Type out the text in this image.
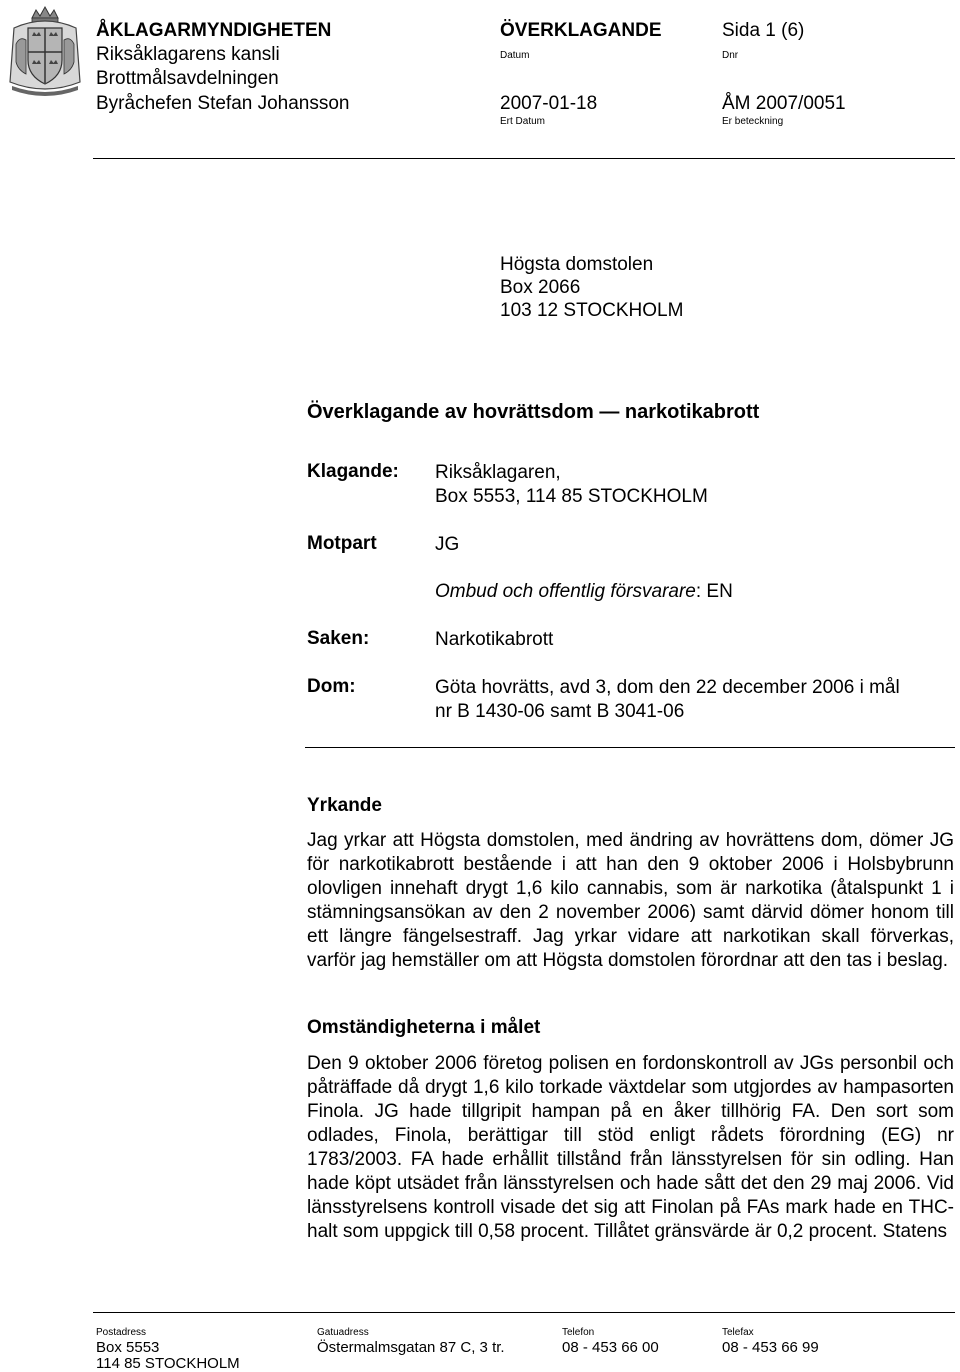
ÅKLAGARMYNDIGHETEN
Riksåklagarens kansli
Brottmålsavdelningen
Byråchefen Stefan Johansson
ÖVERKLAGANDE
Datum
2007-01-18
Ert Datum
Sida 1 (6)
Dnr
ÅM 2007/0051
Er beteckning
Högsta domstolen
Box 2066
103 12 STOCKHOLM
Överklagande av hovrättsdom — narkotikabrott
Klagande: Riksåklagaren,
Box 5553, 114 85 STOCKHOLM
Motpart	JG
Ombud och offentlig försvarare: EN
Saken:	Narkotikabrott
Dom:	Göta hovrätts, avd 3, dom den 22 december 2006 i mål
nr B 1430-06 samt B 3041-06
Yrkande
Jag yrkar att Högsta domstolen, med ändring av hovrättens dom, dömer JG för narkotikabrott bestående i att han den 9 oktober 2006 i Holsbybrunn olovligen innehaft drygt 1,6 kilo cannabis, som är narkotika (åtalspunkt 1 i stämningsansökan av den 2 november 2006) samt därvid dömer honom till ett längre fängelsestraff. Jag yrkar vidare att narkotikan skall förverkas, varför jag hemställer om att Högsta domstolen förordnar att den tas i beslag.
Omständigheterna i målet
Den 9 oktober 2006 företog polisen en fordonskontroll av JGs personbil och påträffade då drygt 1,6 kilo torkade växtdelar som utgjordes av hampasorten Finola. JG hade tillgripit hampan på en åker tillhörig FA. Den sort som odlades, Finola, berättigar till stöd enligt rådets förordning (EG) nr 1783/2003. FA hade erhållit tillstånd från länsstyrelsen för sin odling. Han hade köpt utsädet från länsstyrelsen och hade sått det den 29 maj 2006. Vid länsstyrelsens kontroll visade det sig att Finolan på FAs mark hade en THC-halt som uppgick till 0,58 procent. Tillåtet gränsvärde är 0,2 procent. Statens
Postadress
Box 5553
114 85 STOCKHOLM
Gatuadress
Östermalmsgatan 87 C, 3 tr.
Telefon
08 - 453 66 00
Telefax
08 - 453 66 99
